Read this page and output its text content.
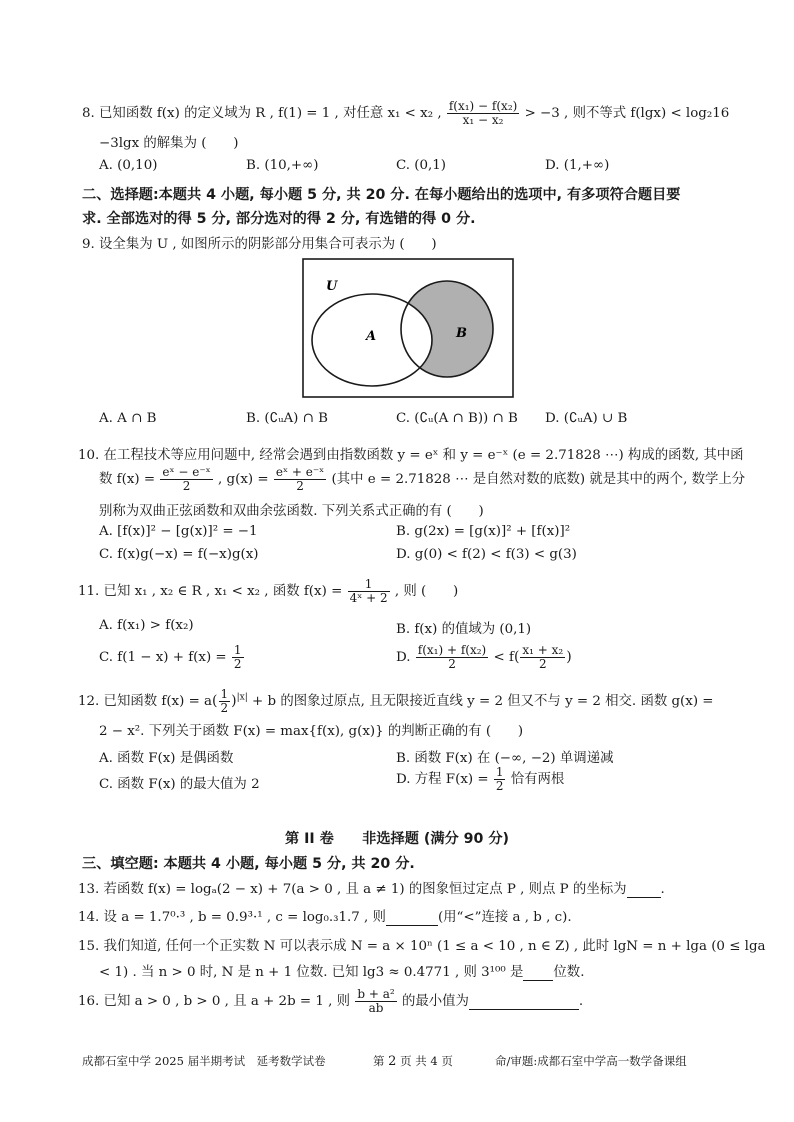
8. 已知函数 f(x) 的定义域为 R , f(1) = 1 , 对任意 x₁ < x₂ , $\frac{\text{f(x₁) − f(x₂)}}{\text{x₁ − x₂}} > -3$ , 则不等式 f(lgx) < log₂16
−3lgx 的解集为 (　　)
A. (0,10)	B. (10,+∞)	C. (0,1)	D. (1,+∞)
二、选择题:本题共 4 小题, 每小题 5 分, 共 20 分. 在每小题给出的选项中, 有多项符合题目要
求. 全部选对的得 5 分, 部分选对的得 2 分, 有选错的得 0 分.
9. 设全集为 U , 如图所示的阴影部分用集合可表示为 (　　)
U
A	B
A. A ∩ B	B. (∁ᵤA) ∩ B	C. (∁ᵤ(A ∩ B)) ∩ B D. (∁ᵤA) ∪ B
10. 在工程技术等应用问题中, 经常会遇到由指数函数 y = eˣ 和 y = e⁻ˣ (e = 2.71828 ⋯) 构成的函数, 其中函
数 $f(x) = \frac{\text{eˣ − e⁻ˣ}}{2}$ , $g(x) = \frac{\text{eˣ + e⁻ˣ}}{2}$ (其中 e = 2.71828 ⋯ 是自然对数的底数) 就是其中的两个, 数学上分
别称为双曲正弦函数和双曲余弦函数. 下列关系式正确的有 (　　)
A. [f(x)]² − [g(x)]² = −1	B. g(2x) = [g(x)]² + [f(x)]²
C. f(x)g(−x) = f(−x)g(x)	D. g(0) < f(2) < f(3) < g(3)
11. 已知 x₁ , x₂ ∈ R , x₁ < x₂ , 函数 $f(x) = \frac{1}{\text{4ˣ + 2}}$ , 则 (　　)
A. f(x₁) > f(x₂)	B. f(x) 的值域为 (0,1)
C. $f(1 - x) + f(x) = \frac{1}{2}$	D. $\frac{\text{f(x₁) + f(x₂)}}{2} < f( \frac{\text{x₁ + x₂}}{2}$ )
12. 已知函数 $f(x) = a( \frac{1}{2} )^{|x|} + b$ 的图象过原点, 且无限接近直线 y = 2 但又不与 y = 2 相交. 函数 g(x) =
2 − x². 下列关于函数 F(x) = max{f(x), g(x)} 的判断正确的有 (　　)
A. 函数 F(x) 是偶函数	B. 函数 F(x) 在 (−∞, −2) 单调递减
C. 函数 F(x) 的最大值为 2	D. 方程 $F(x) = \frac{1}{2}$ 恰有两根
第 II 卷　　非选择题 (满分 90 分)
三、填空题: 本题共 4 小题, 每小题 5 分, 共 20 分.
13. 若函数 f(x) = logₐ(2 − x) + 7(a > 0 , 且 a ≠ 1) 的图象恒过定点 P , 则点 P 的坐标为	.
14. 设 a = 1.7⁰·³ , b = 0.9³·¹ , c = log₀.₃1.7 , 则	(用“<”连接 a , b , c).
15. 我们知道, 任何一个正实数 N 可以表示成 N = a × 10ⁿ (1 ≤ a < 10 , n ∈ Z) , 此时 lgN = n + lga (0 ≤ lga
< 1) . 当 n > 0 时, N 是 n + 1 位数. 已知 lg3 ≈ 0.4771 , 则 3¹⁰⁰ 是 位数.
16. 已知 a > 0 , b > 0 , 且 a + 2b = 1 , 则 $\frac{\text{b + a²}}{ab}$ 的最小值为	.
成都石室中学 2025 届半期考试　延考数学试卷	第 2 页 共 4 页	命/审题:成都石室中学高一数学备课组
